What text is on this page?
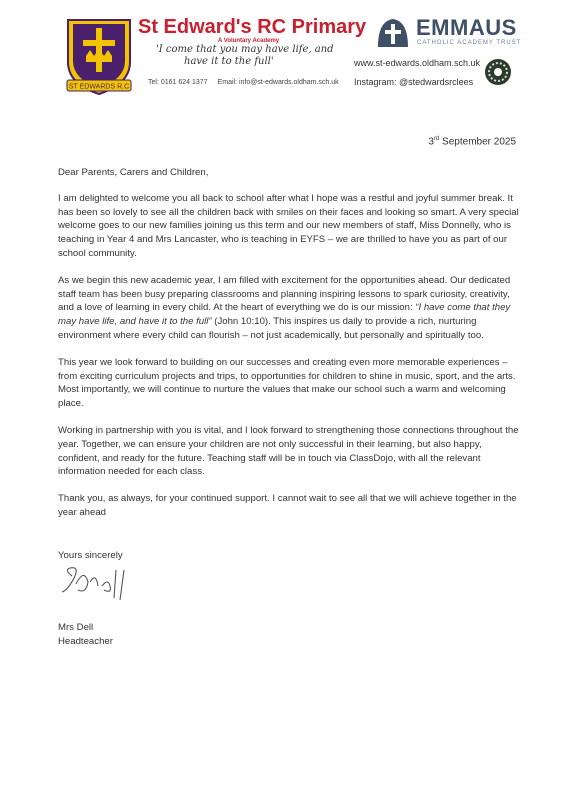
ST EDWARDS R.C
St Edward's RC Primary
A Voluntary Academy
'I come that you may have life, and
have it to the full'
Tel: 0161 624 1377 Email: info@st-edwards.oldham.sch.uk
EMMAUS
CATHOLIC ACADEMY TRUST
www.st-edwards.oldham.sch.uk
Instagram: @stedwardsrclees
3rd September 2025

Dear Parents, Carers and Children,

I am delighted to welcome you all back to school after what I hope was a restful and joyful summer break. It has been so lovely to see all the children back with smiles on their faces and looking so smart. A very special welcome goes to our new families joining us this term and our new members of staff, Miss Donnelly, who is teaching in Year 4 and Mrs Lancaster, who is teaching in EYFS – we are thrilled to have you as part of our school community.

As we begin this new academic year, I am filled with excitement for the opportunities ahead. Our dedicated staff team has been busy preparing classrooms and planning inspiring lessons to spark curiosity, creativity, and a love of learning in every child. At the heart of everything we do is our mission: “I have come that they may have life, and have it to the full” (John 10:10). This inspires us daily to provide a rich, nurturing environment where every child can flourish – not just academically, but personally and spiritually too.

This year we look forward to building on our successes and creating even more memorable experiences – from exciting curriculum projects and trips, to opportunities for children to shine in music, sport, and the arts. Most importantly, we will continue to nurture the values that make our school such a warm and welcoming place.

Working in partnership with you is vital, and I look forward to strengthening those connections throughout the year. Together, we can ensure your children are not only successful in their learning, but also happy, confident, and ready for the future. Teaching staff will be in touch via ClassDojo, with all the relevant information needed for each class.

Thank you, as always, for your continued support. I cannot wait to see all that we will achieve together in the year ahead

Yours sincerely
Mrs Dell
Headteacher
